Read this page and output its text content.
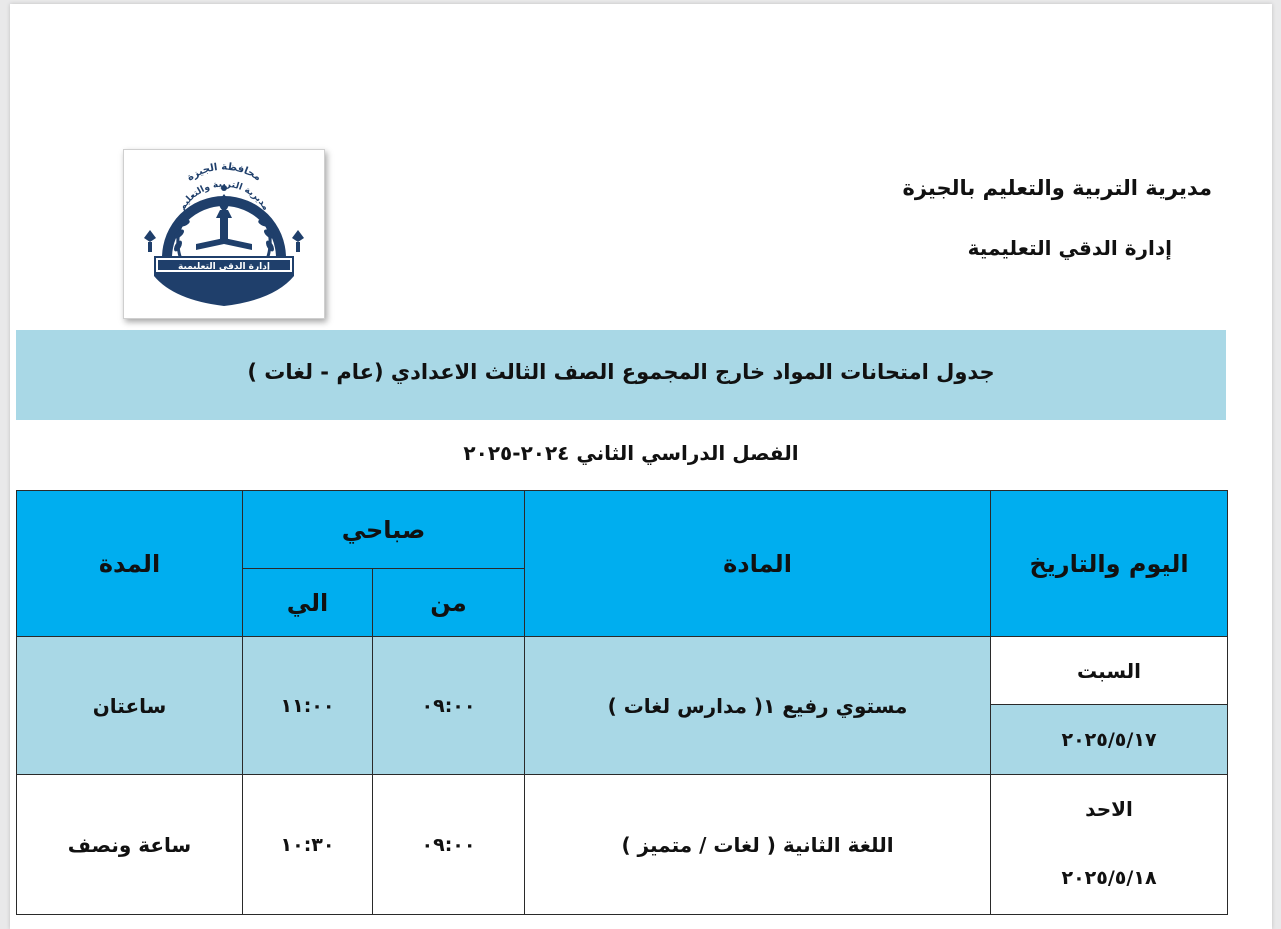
مديرية التربية والتعليم بالجيزة

إدارة الدقي التعليمية

محافظة الجيزة
مديرية التربية والتعليم
إدارة الدقي التعليمية

جدول امتحانات المواد خارج المجموع الصف الثالث الاعدادي (عام - لغات )

الفصل الدراسي الثاني ٢٠٢٤-٢٠٢٥
اليوم والتاريخ	المادة	صباحي		المدة
		من	الي	
السبت	مستوي رفيع ١( مدارس لغات )	٠٩:٠٠	١١:٠٠	ساعتان
٢٠٢٥/٥/١٧				
الاحد	اللغة الثانية ( لغات / متميز )	٠٩:٠٠	١٠:٣٠	ساعة ونصف
٢٠٢٥/٥/١٨				
